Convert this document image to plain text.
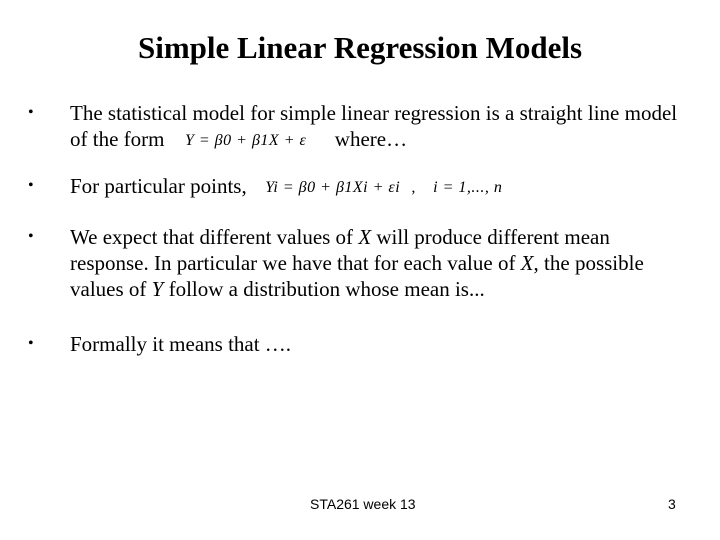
Simple Linear Regression Models
•	The statistical model for simple linear regression is a straight line model of the form Y = β0 + β1X + ε where…
•	For particular points, Yi = β0 + β1Xi + εi , i = 1,..., n
•	We expect that different values of X will produce different mean response. In particular we have that for each value of X, the possible values of Y follow a distribution whose mean is...
•	Formally it means that ….
STA261 week 13	3
